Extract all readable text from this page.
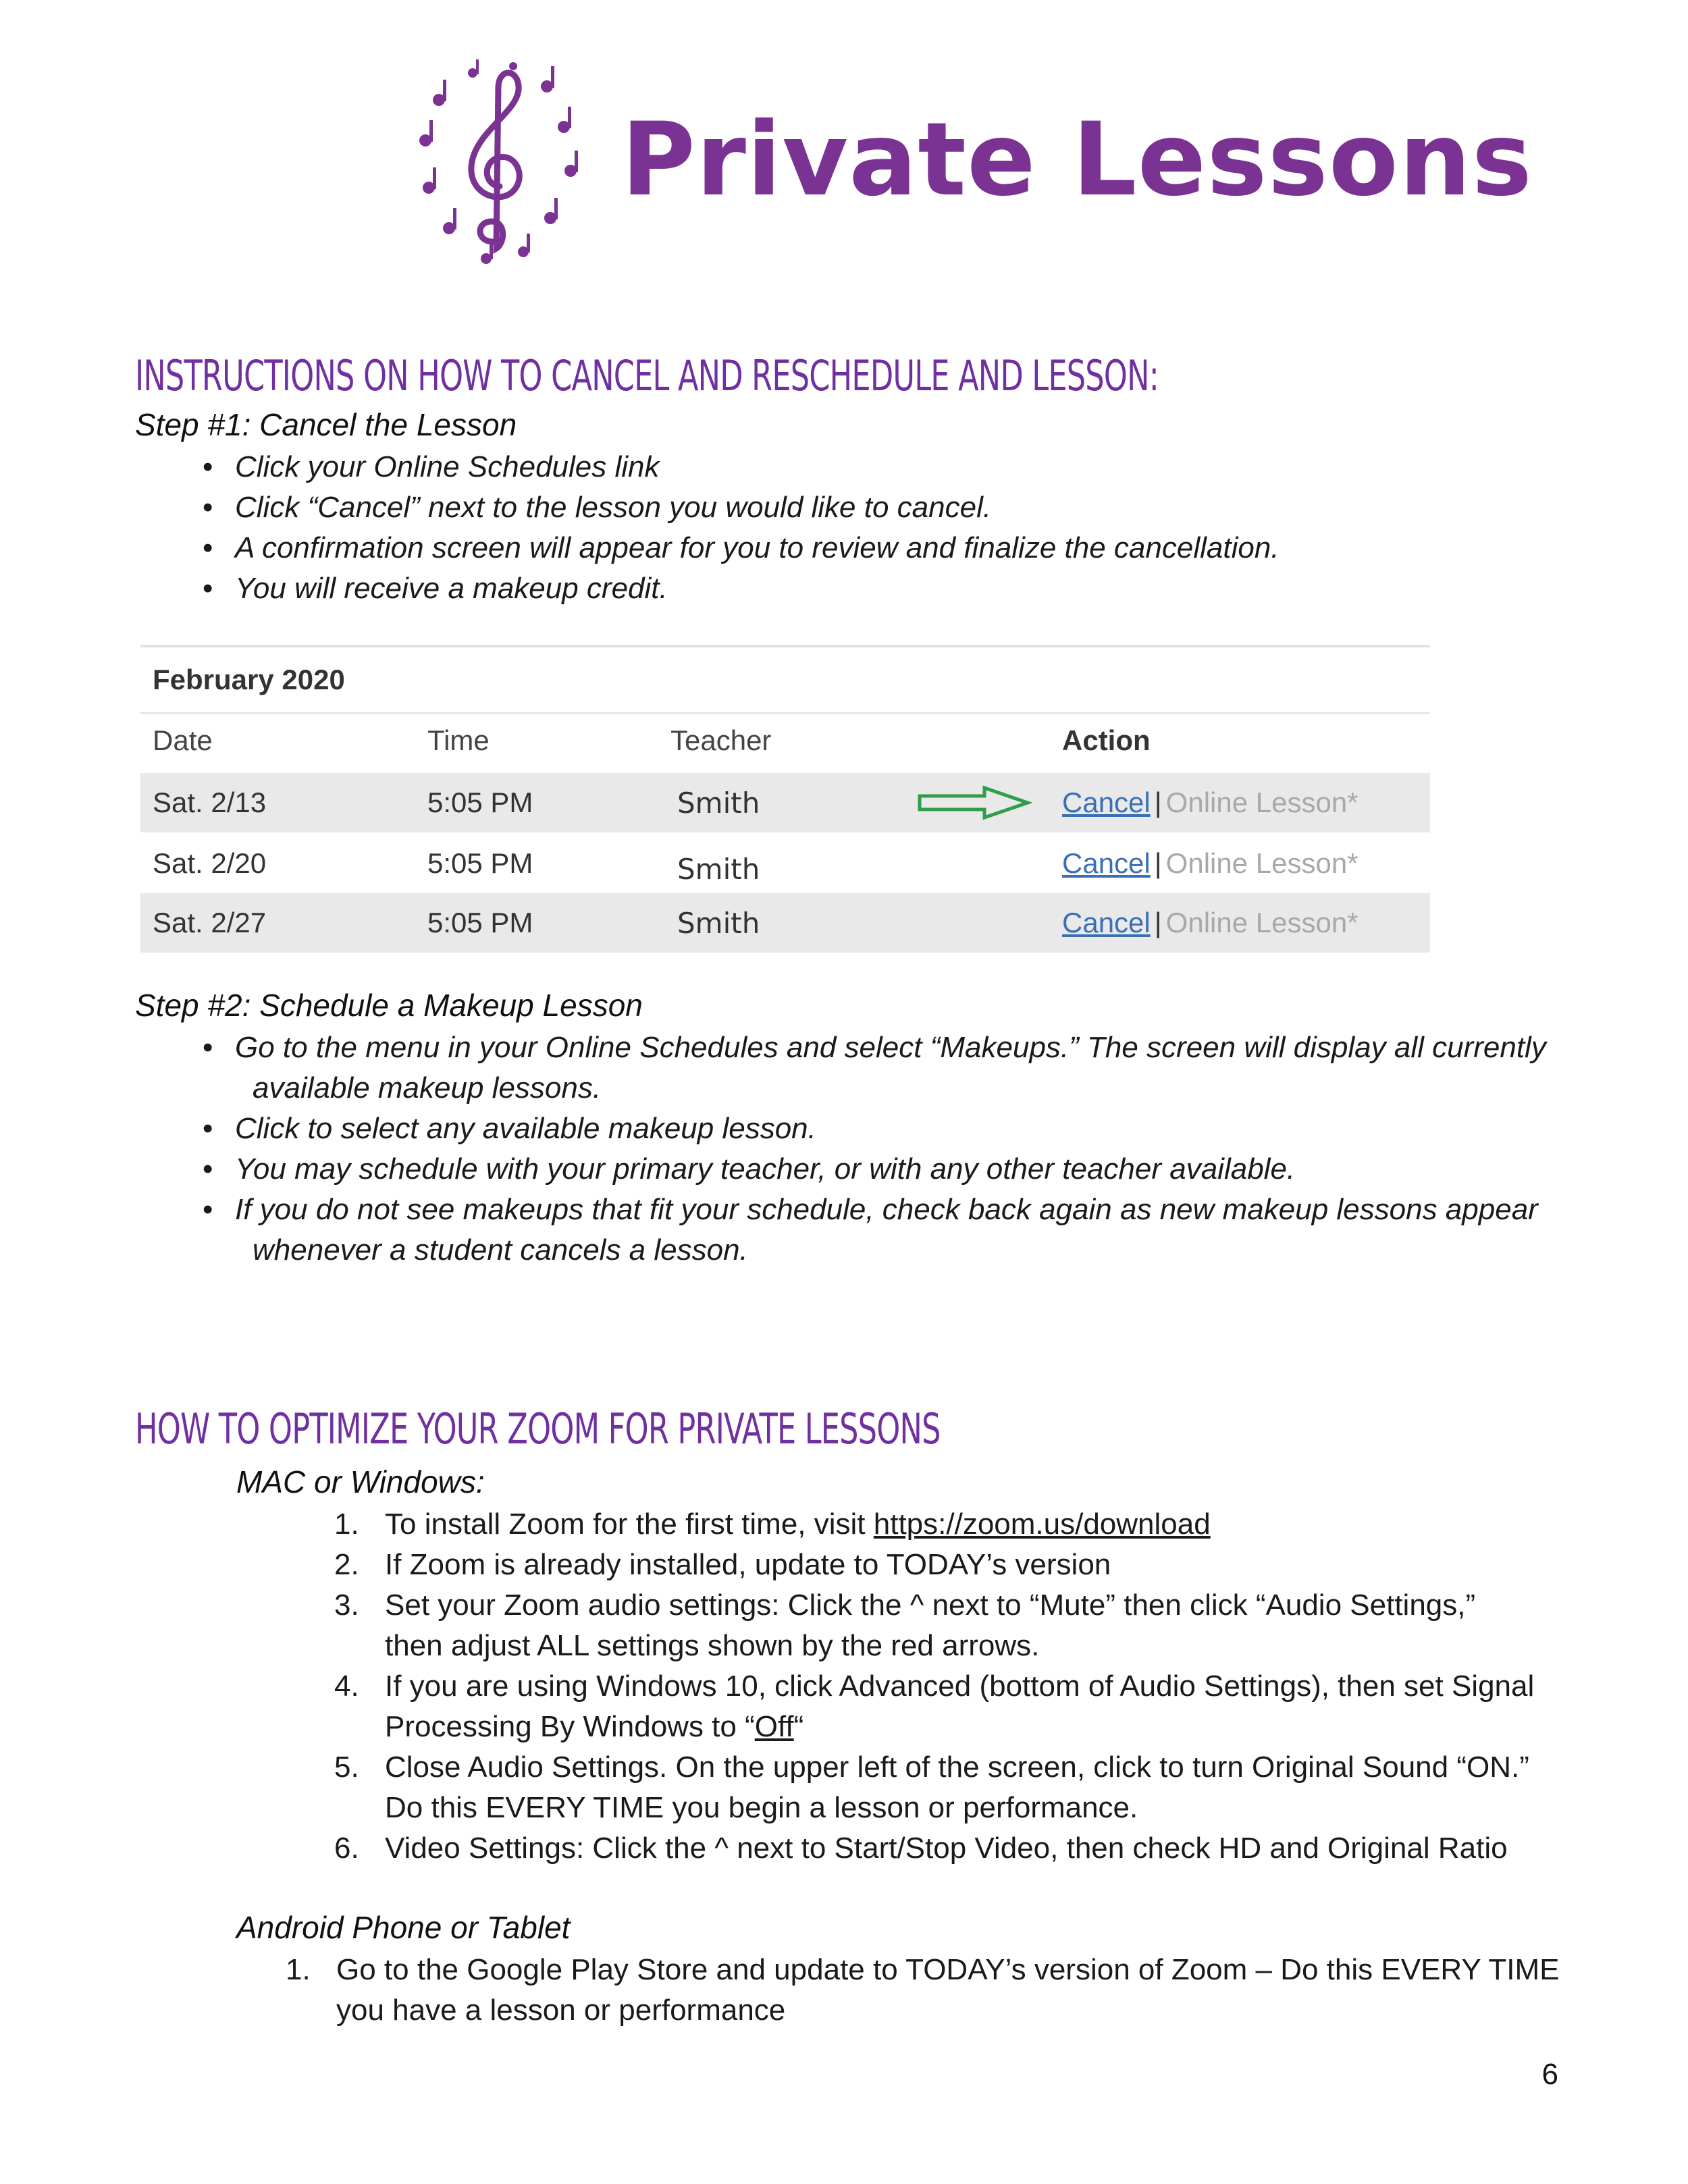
Private Lessons
INSTRUCTIONS ON HOW TO CANCEL AND RESCHEDULE AND LESSON:
Step #1: Cancel the Lesson
• Click your Online Schedules link
• Click “Cancel” next to the lesson you would like to cancel.
• A confirmation screen will appear for you to review and finalize the cancellation.
• You will receive a makeup credit.
February 2020
Date	Time	Teacher	Action
Sat. 2/13	5:05 PM	Smith	Cancel | Online Lesson*
Sat. 2/20	5:05 PM	Smith	Cancel | Online Lesson*
Sat. 2/27	5:05 PM	Smith	Cancel | Online Lesson*
Step #2: Schedule a Makeup Lesson
• Go to the menu in your Online Schedules and select “Makeups.” The screen will display all currently
available makeup lessons.
• Click to select any available makeup lesson.
• You may schedule with your primary teacher, or with any other teacher available.
• If you do not see makeups that fit your schedule, check back again as new makeup lessons appear
whenever a student cancels a lesson.
HOW TO OPTIMIZE YOUR ZOOM FOR PRIVATE LESSONS
MAC or Windows:
1. To install Zoom for the first time, visit https://zoom.us/download
2. If Zoom is already installed, update to TODAY’s version
3. Set your Zoom audio settings: Click the ^ next to “Mute” then click “Audio Settings,”
then adjust ALL settings shown by the red arrows.
4. If you are using Windows 10, click Advanced (bottom of Audio Settings), then set Signal
Processing By Windows to “Off“
5. Close Audio Settings. On the upper left of the screen, click to turn Original Sound “ON.”
Do this EVERY TIME you begin a lesson or performance.
6. Video Settings: Click the ^ next to Start/Stop Video, then check HD and Original Ratio
Android Phone or Tablet
1. Go to the Google Play Store and update to TODAY’s version of Zoom – Do this EVERY TIME
you have a lesson or performance
6
